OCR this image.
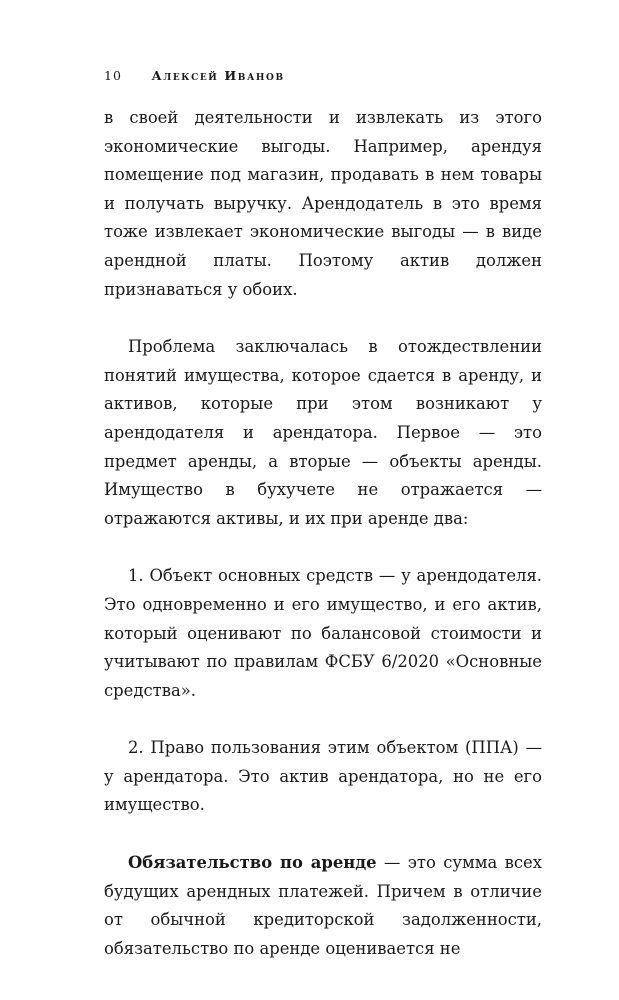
10 Алексей Иванов

в своей деятельности и извлекать из этого экономические выгоды. Например, арендуя помещение под магазин, продавать в нем товары и получать выручку. Арендодатель в это время тоже извлекает экономические выгоды — в виде арендной платы. Поэтому актив должен признаваться у обоих.

Проблема заключалась в отождествлении понятий имущества, которое сдается в аренду, и активов, которые при этом возникают у арендодателя и арендатора. Первое — это предмет аренды, а вторые — объекты аренды. Имущество в бухучете не отражается — отражаются активы, и их при аренде два:

1. Объект основных средств — у арендодателя. Это одновременно и его имущество, и его актив, который оценивают по балансовой стоимости и учитывают по правилам ФСБУ 6/2020 «Основные средства».

2. Право пользования этим объектом (ППА) — у арендатора. Это актив арендатора, но не его имущество.

Обязательство по аренде — это сумма всех будущих арендных платежей. Причем в отличие от обычной кредиторской задолженности, обязательство по аренде оценивается не
